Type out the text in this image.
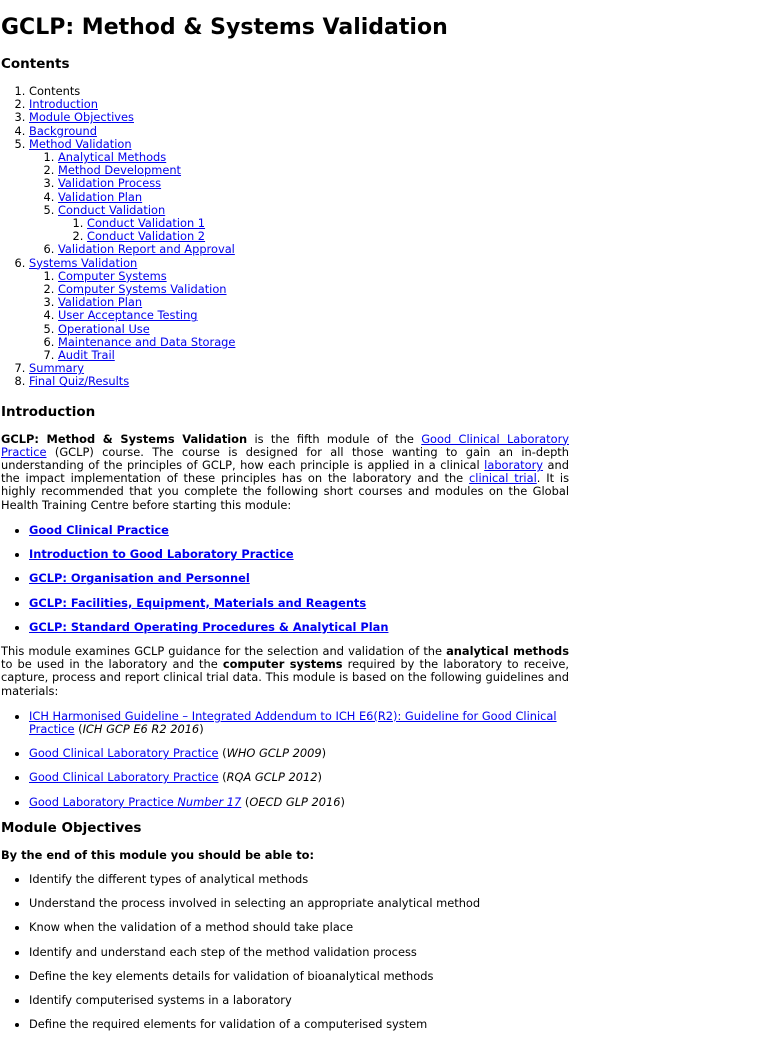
GCLP: Method & Systems Validation
Contents
1. Contents
2. Introduction
3. Module Objectives
4. Background
5. Method Validation
1. Analytical Methods
2. Method Development
3. Validation Process
4. Validation Plan
5. Conduct Validation
1. Conduct Validation 1
2. Conduct Validation 2
6. Validation Report and Approval
6. Systems Validation
1. Computer Systems
2. Computer Systems Validation
3. Validation Plan
4. User Acceptance Testing
5. Operational Use
6. Maintenance and Data Storage
7. Audit Trail
7. Summary
8. Final Quiz/Results
Introduction

GCLP: Method & Systems Validation is the fifth module of the Good Clinical Laboratory Practice (GCLP) course. The course is designed for all those wanting to gain an in-depth understanding of the principles of GCLP, how each principle is applied in a clinical laboratory and the impact implementation of these principles has on the laboratory and the clinical trial. It is highly recommended that you complete the following short courses and modules on the Global Health Training Centre before starting this module:

• Good Clinical Practice
• Introduction to Good Laboratory Practice
• GCLP: Organisation and Personnel
• GCLP: Facilities, Equipment, Materials and Reagents
• GCLP: Standard Operating Procedures & Analytical Plan

This module examines GCLP guidance for the selection and validation of the analytical methods to be used in the laboratory and the computer systems required by the laboratory to receive, capture, process and report clinical trial data. This module is based on the following guidelines and materials:

• ICH Harmonised Guideline – Integrated Addendum to ICH E6(R2): Guideline for Good Clinical Practice (ICH GCP E6 R2 2016)
• Good Clinical Laboratory Practice (WHO GCLP 2009)
• Good Clinical Laboratory Practice (RQA GCLP 2012)
• Good Laboratory Practice Number 17 (OECD GLP 2016)
Module Objectives

By the end of this module you should be able to:

• Identify the different types of analytical methods
• Understand the process involved in selecting an appropriate analytical method
• Know when the validation of a method should take place
• Identify and understand each step of the method validation process
• Define the key elements details for validation of bioanalytical methods
• Identify computerised systems in a laboratory
• Define the required elements for validation of a computerised system
